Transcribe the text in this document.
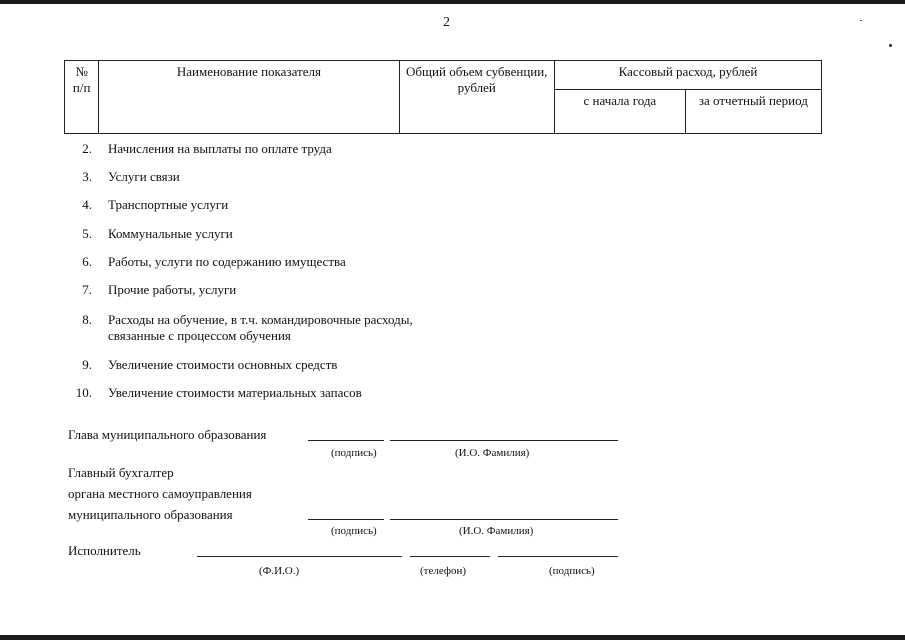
2
№ п/п	Наименование показателя	Общий объем субвенции, рублей	Кассовый расход, рублей	
			с начала года	за отчетный период
2. Начисления на выплаты по оплате труда
3. Услуги связи
4. Транспортные услуги
5. Коммунальные услуги
6. Работы, услуги по содержанию имущества
7. Прочие работы, услуги
8. Расходы на обучение, в т.ч. командировочные расходы, связанные с процессом обучения
9. Увеличение стоимости основных средств
10. Увеличение стоимости материальных запасов
Глава муниципального образования
(подпись)	(И.О. Фамилия)
Главный бухгалтер
органа местного самоуправления
муниципального образования
(подпись)	(И.О. Фамилия)
Исполнитель
(Ф.И.О.)	(телефон)	(подпись)
